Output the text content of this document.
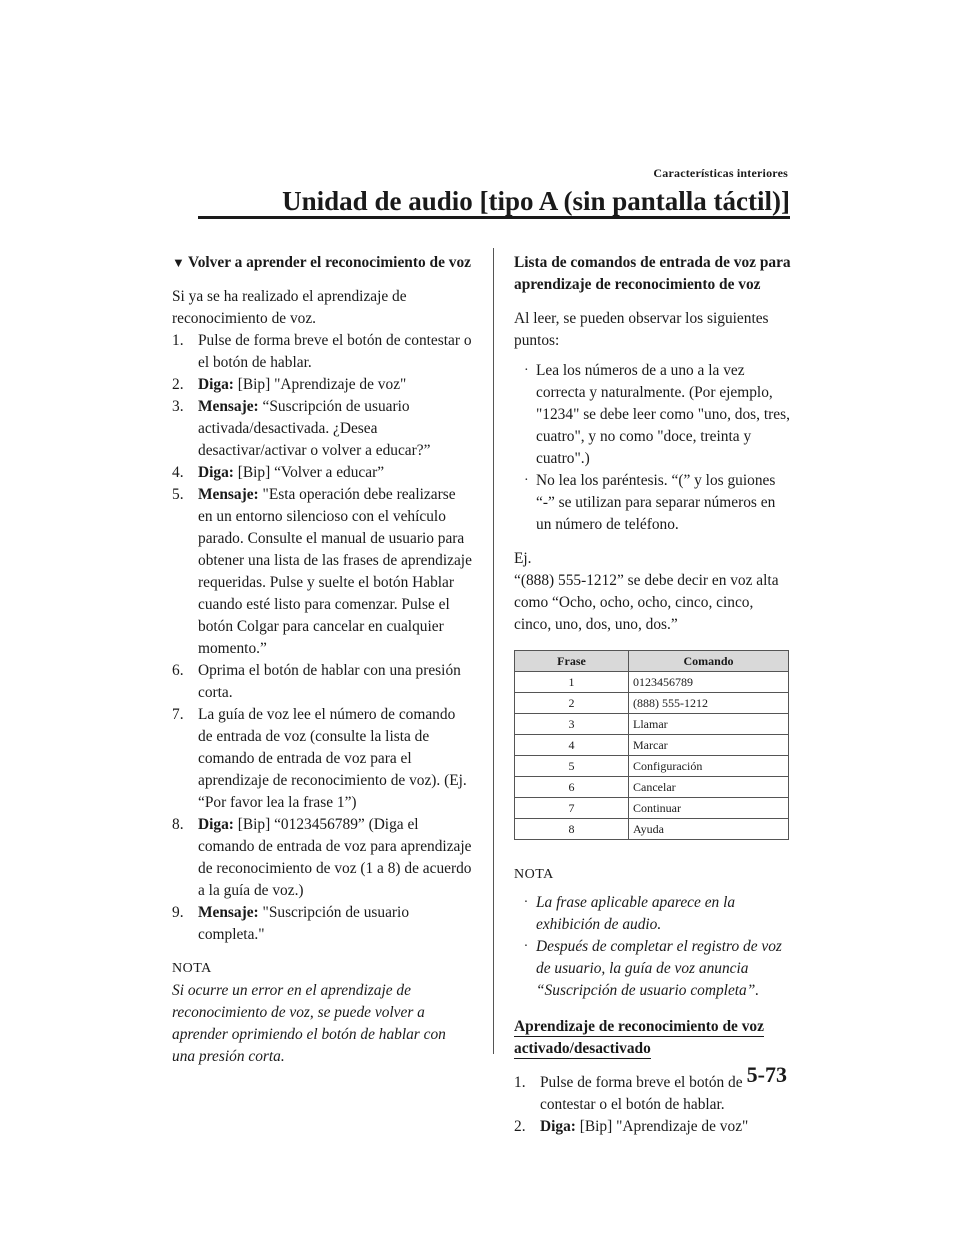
Características interiores
Unidad de audio [tipo A (sin pantalla táctil)]
▼ Volver a aprender el reconocimiento de voz
Si ya se ha realizado el aprendizaje de reconocimiento de voz.
1. Pulse de forma breve el botón de contestar o el botón de hablar.
2. Diga: [Bip] "Aprendizaje de voz"
3. Mensaje: “Suscripción de usuario activada/desactivada. ¿Desea desactivar/activar o volver a educar?”
4. Diga: [Bip] “Volver a educar”
5. Mensaje: "Esta operación debe realizarse en un entorno silencioso con el vehículo parado. Consulte el manual de usuario para obtener una lista de las frases de aprendizaje requeridas. Pulse y suelte el botón Hablar cuando esté listo para comenzar. Pulse el botón Colgar para cancelar en cualquier momento.”
6. Oprima el botón de hablar con una presión corta.
7. La guía de voz lee el número de comando de entrada de voz (consulte la lista de comando de entrada de voz para el aprendizaje de reconocimiento de voz). (Ej. “Por favor lea la frase 1”)
8. Diga: [Bip] “0123456789” (Diga el comando de entrada de voz para aprendizaje de reconocimiento de voz (1 a 8) de acuerdo a la guía de voz.)
9. Mensaje: "Suscripción de usuario completa."
NOTA
Si ocurre un error en el aprendizaje de reconocimiento de voz, se puede volver a aprender oprimiendo el botón de hablar con una presión corta.
Lista de comandos de entrada de voz para aprendizaje de reconocimiento de voz
Al leer, se pueden observar los siguientes puntos:
· Lea los números de a uno a la vez correcta y naturalmente. (Por ejemplo, "1234" se debe leer como "uno, dos, tres, cuatro", y no como "doce, treinta y cuatro".)
· No lea los paréntesis. “(” y los guiones “-” se utilizan para separar números en un número de teléfono.
Ej.
“(888) 555-1212” se debe decir en voz alta como “Ocho, ocho, ocho, cinco, cinco, cinco, uno, dos, uno, dos.”
Frase	Comando
1	0123456789
2	(888) 555-1212
3	Llamar
4	Marcar
5	Configuración
6	Cancelar
7	Continuar
8	Ayuda
NOTA
· La frase aplicable aparece en la exhibición de audio.
· Después de completar el registro de voz de usuario, la guía de voz anuncia “Suscripción de usuario completa”.
Aprendizaje de reconocimiento de voz activado/desactivado
1. Pulse de forma breve el botón de contestar o el botón de hablar.
2. Diga: [Bip] "Aprendizaje de voz"
5-73
